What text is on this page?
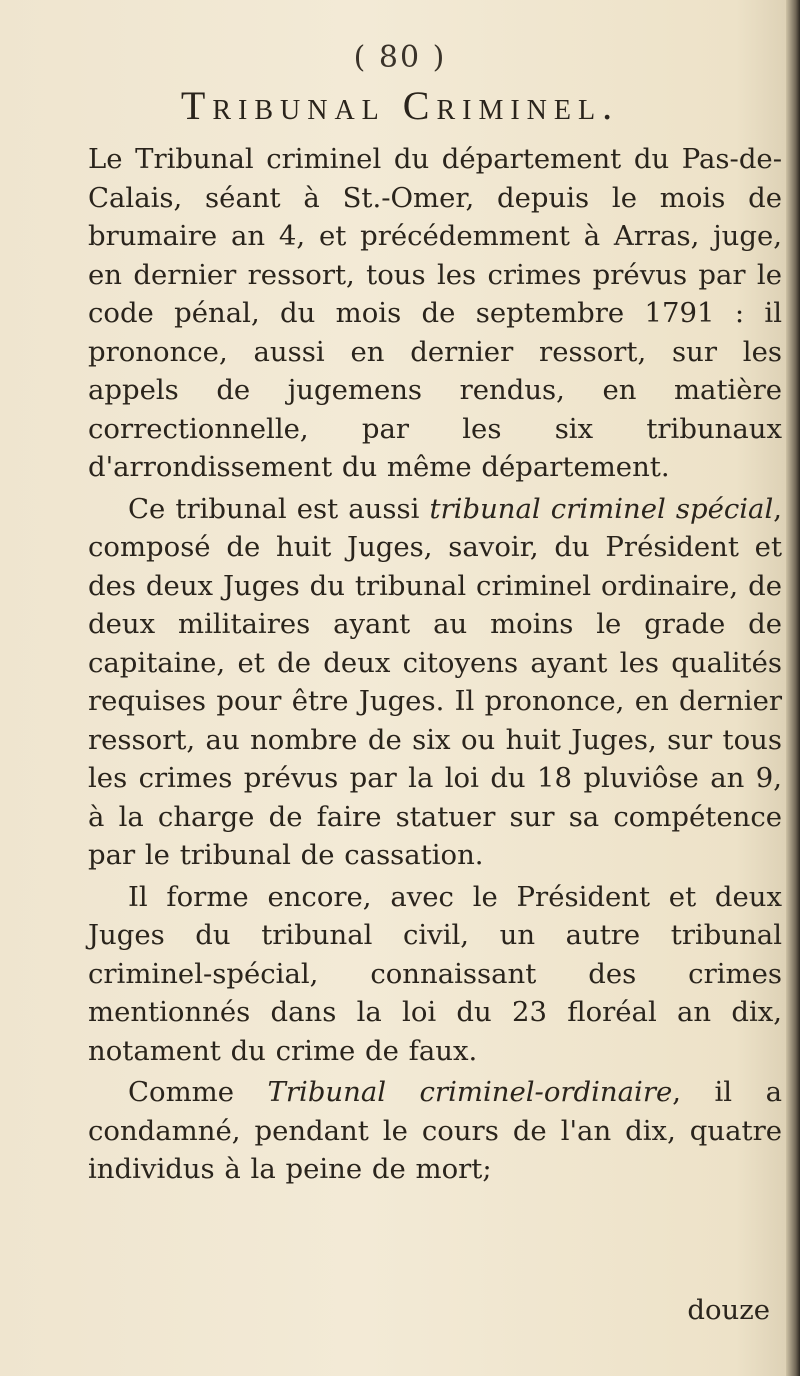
( 80 )
Tribunal Criminel.

Le Tribunal criminel du département du Pas-de-Calais, séant à St.-Omer, depuis le mois de brumaire an 4, et précédemment à Arras, juge, en dernier ressort, tous les crimes prévus par le code pénal, du mois de septembre 1791 : il prononce, aussi en dernier ressort, sur les appels de jugemens rendus, en matière correctionnelle, par les six tribunaux d'arrondissement du même département.

Ce tribunal est aussi tribunal criminel spécial, composé de huit Juges, savoir, du Président et des deux Juges du tribunal criminel ordinaire, de deux militaires ayant au moins le grade de capitaine, et de deux citoyens ayant les qualités requises pour être Juges. Il prononce, en dernier ressort, au nombre de six ou huit Juges, sur tous les crimes prévus par la loi du 18 pluviôse an 9, à la charge de faire statuer sur sa compétence par le tribunal de cassation.

Il forme encore, avec le Président et deux Juges du tribunal civil, un autre tribunal criminel-spécial, connaissant des crimes mentionnés dans la loi du 23 floréal an dix, notament du crime de faux.

Comme Tribunal criminel-ordinaire, il a condamné, pendant le cours de l'an dix, quatre individus à la peine de mort;

douze
